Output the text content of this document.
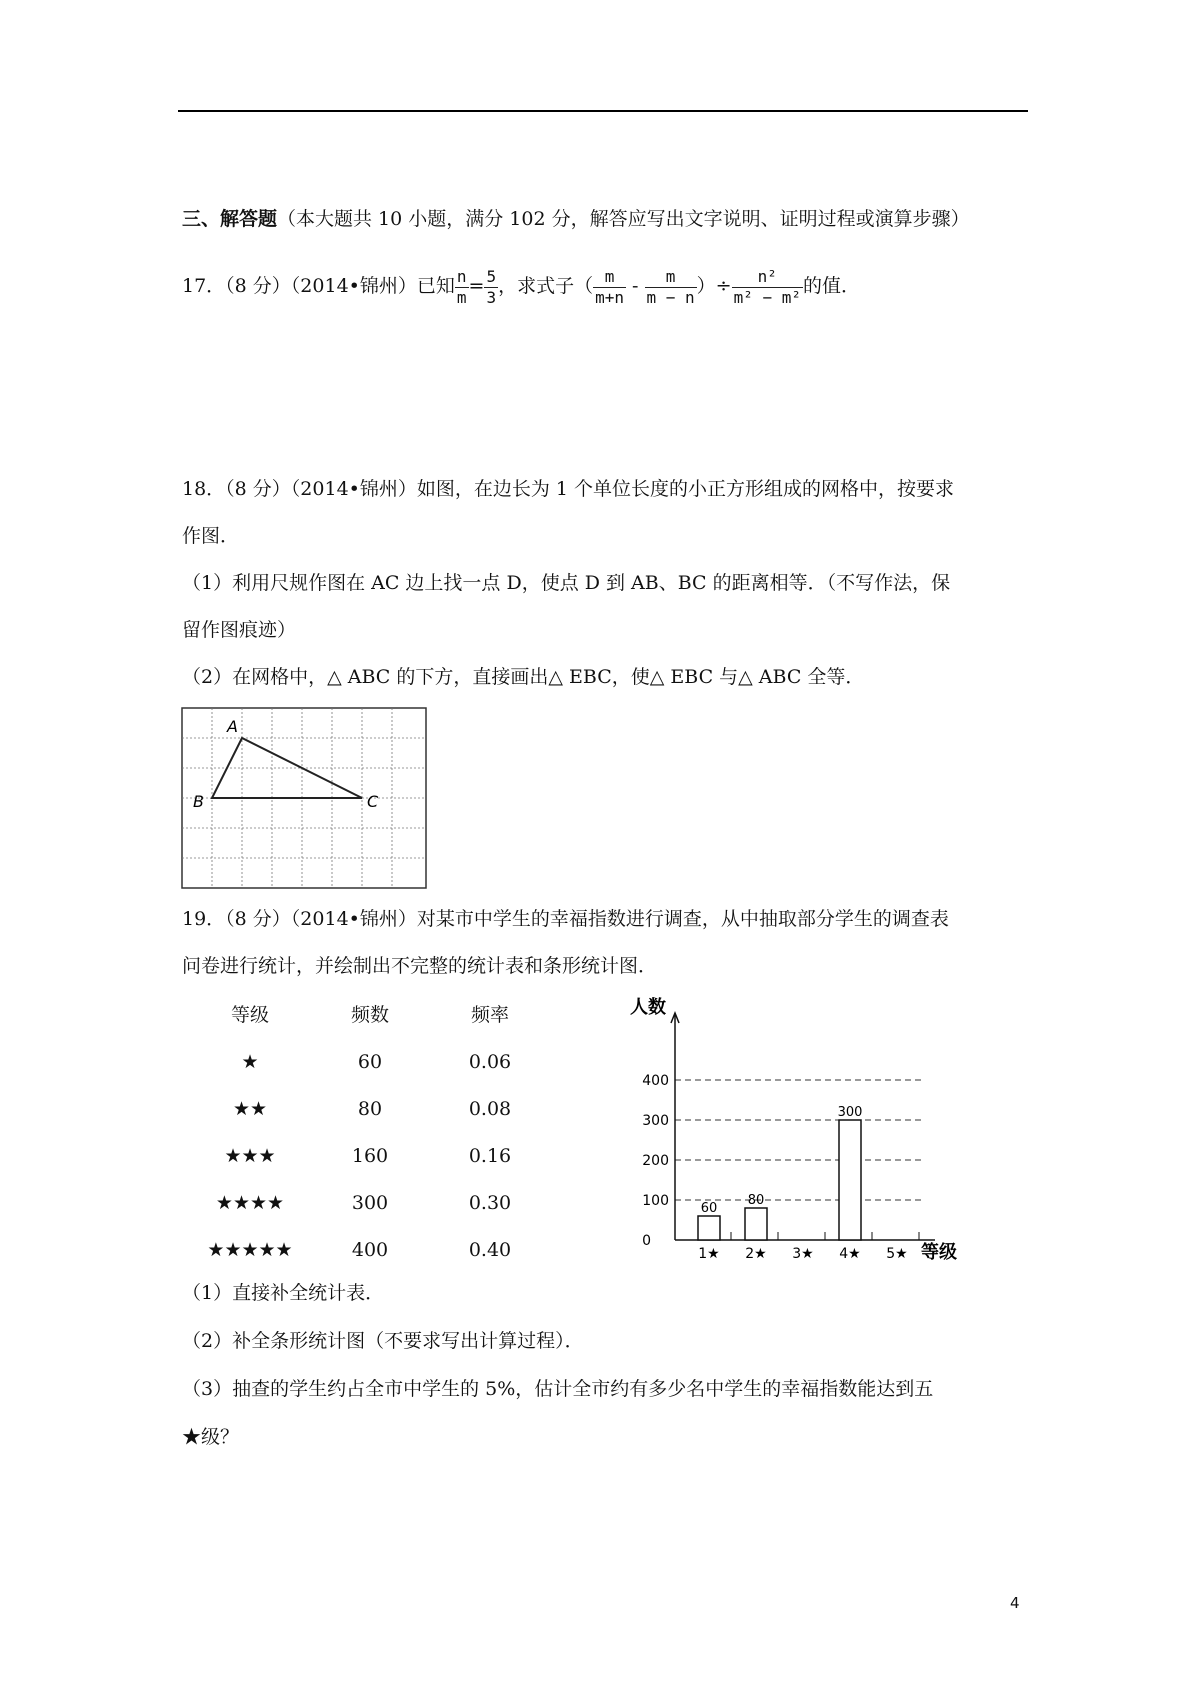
三、解答题（本大题共 10 小题，满分 102 分，解答应写出文字说明、证明过程或演算步骤）
17．（8 分）（2014•锦州）已知 $\frac{n}{m} = \frac{5}{3}$ ，求式子（ $\frac{m}{m+n} - \frac{m}{m - n}$ ）÷ $\frac{\text{n²}}{\text{m² − m²}}$ 的值．
18．（8 分）（2014•锦州）如图，在边长为 1 个单位长度的小正方形组成的网格中，按要求
作图．
（1）利用尺规作图在 AC 边上找一点 D，使点 D 到 AB、BC 的距离相等．（不写作法，保
留作图痕迹）
（2）在网格中，△ ABC 的下方，直接画出△ EBC，使△ EBC 与△ ABC 全等．
A
B	C
19．（8 分）（2014•锦州）对某市中学生的幸福指数进行调查，从中抽取部分学生的调查表
问卷进行统计，并绘制出不完整的统计表和条形统计图．
等级	频数	频率
★	60	0.06
★★	80	0.08
★★★	160	0.16
★★★★	300	0.30
★★★★★	400	0.40
400
300
200
100
0
人数
等级
60
1★
80
2★ 3★
300
4★ 5★
（1）直接补全统计表．
（2）补全条形统计图（不要求写出计算过程）．
（3）抽查的学生约占全市中学生的 5%，估计全市约有多少名中学生的幸福指数能达到五
★级？
4
